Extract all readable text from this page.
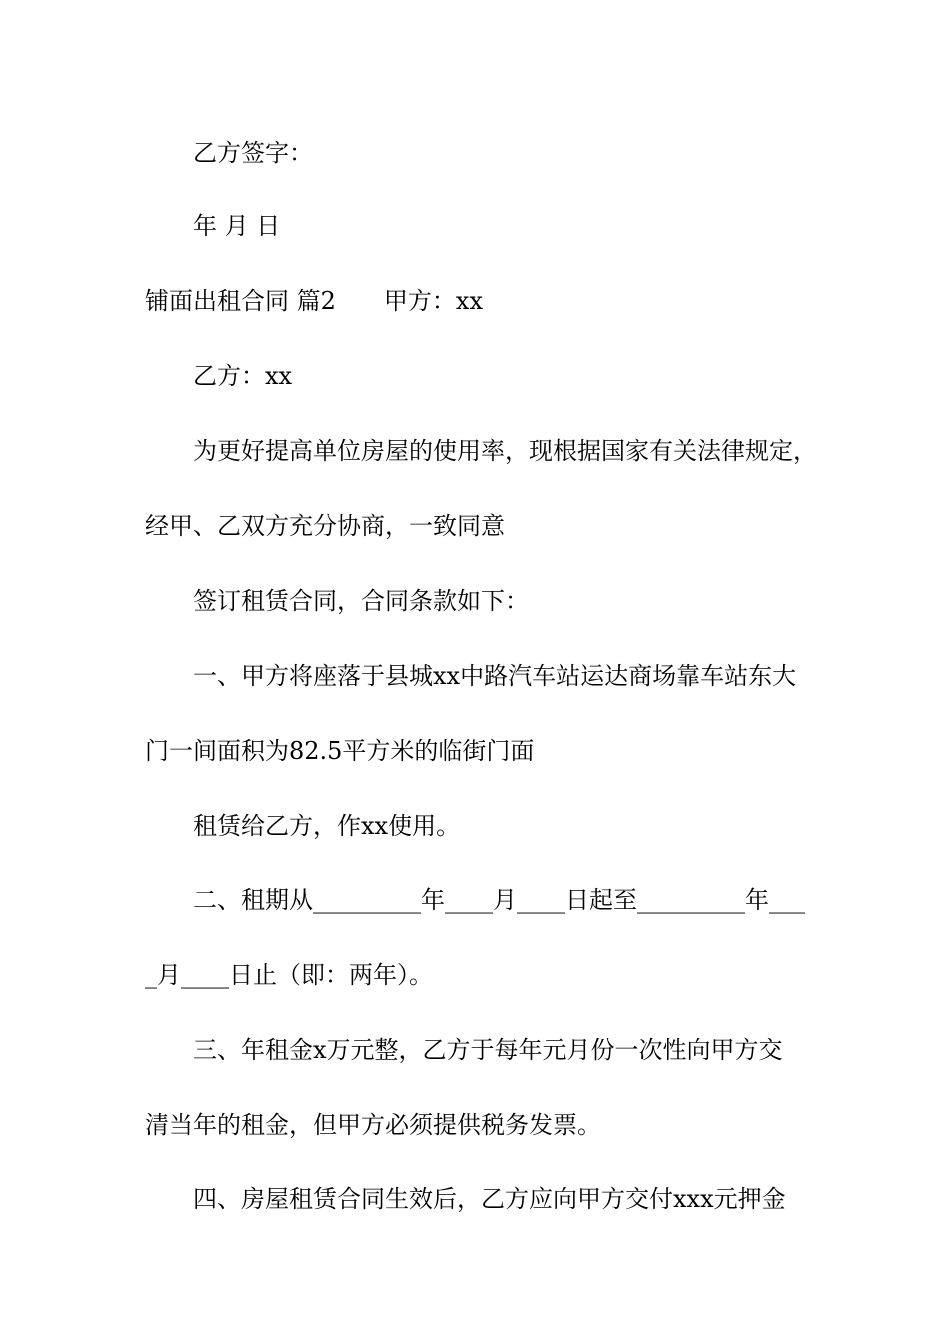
乙方签字：
年 月 日
铺面出租合同 篇2 甲方：xx
乙方：xx
为更好提高单位房屋的使用率，现根据国家有关法律规定，
经甲、乙双方充分协商，一致同意
签订租赁合同，合同条款如下：
一、甲方将座落于县城xx中路汽车站运达商场靠车站东大
门一间面积为82.5平方米的临街门面
租赁给乙方，作xx使用。
二、租期从_________年____月____日起至_________年___
_月____日止（即：两年）。
三、年租金x万元整，乙方于每年元月份一次性向甲方交
清当年的租金，但甲方必须提供税务发票。
四、房屋租赁合同生效后，乙方应向甲方交付xxx元押金
